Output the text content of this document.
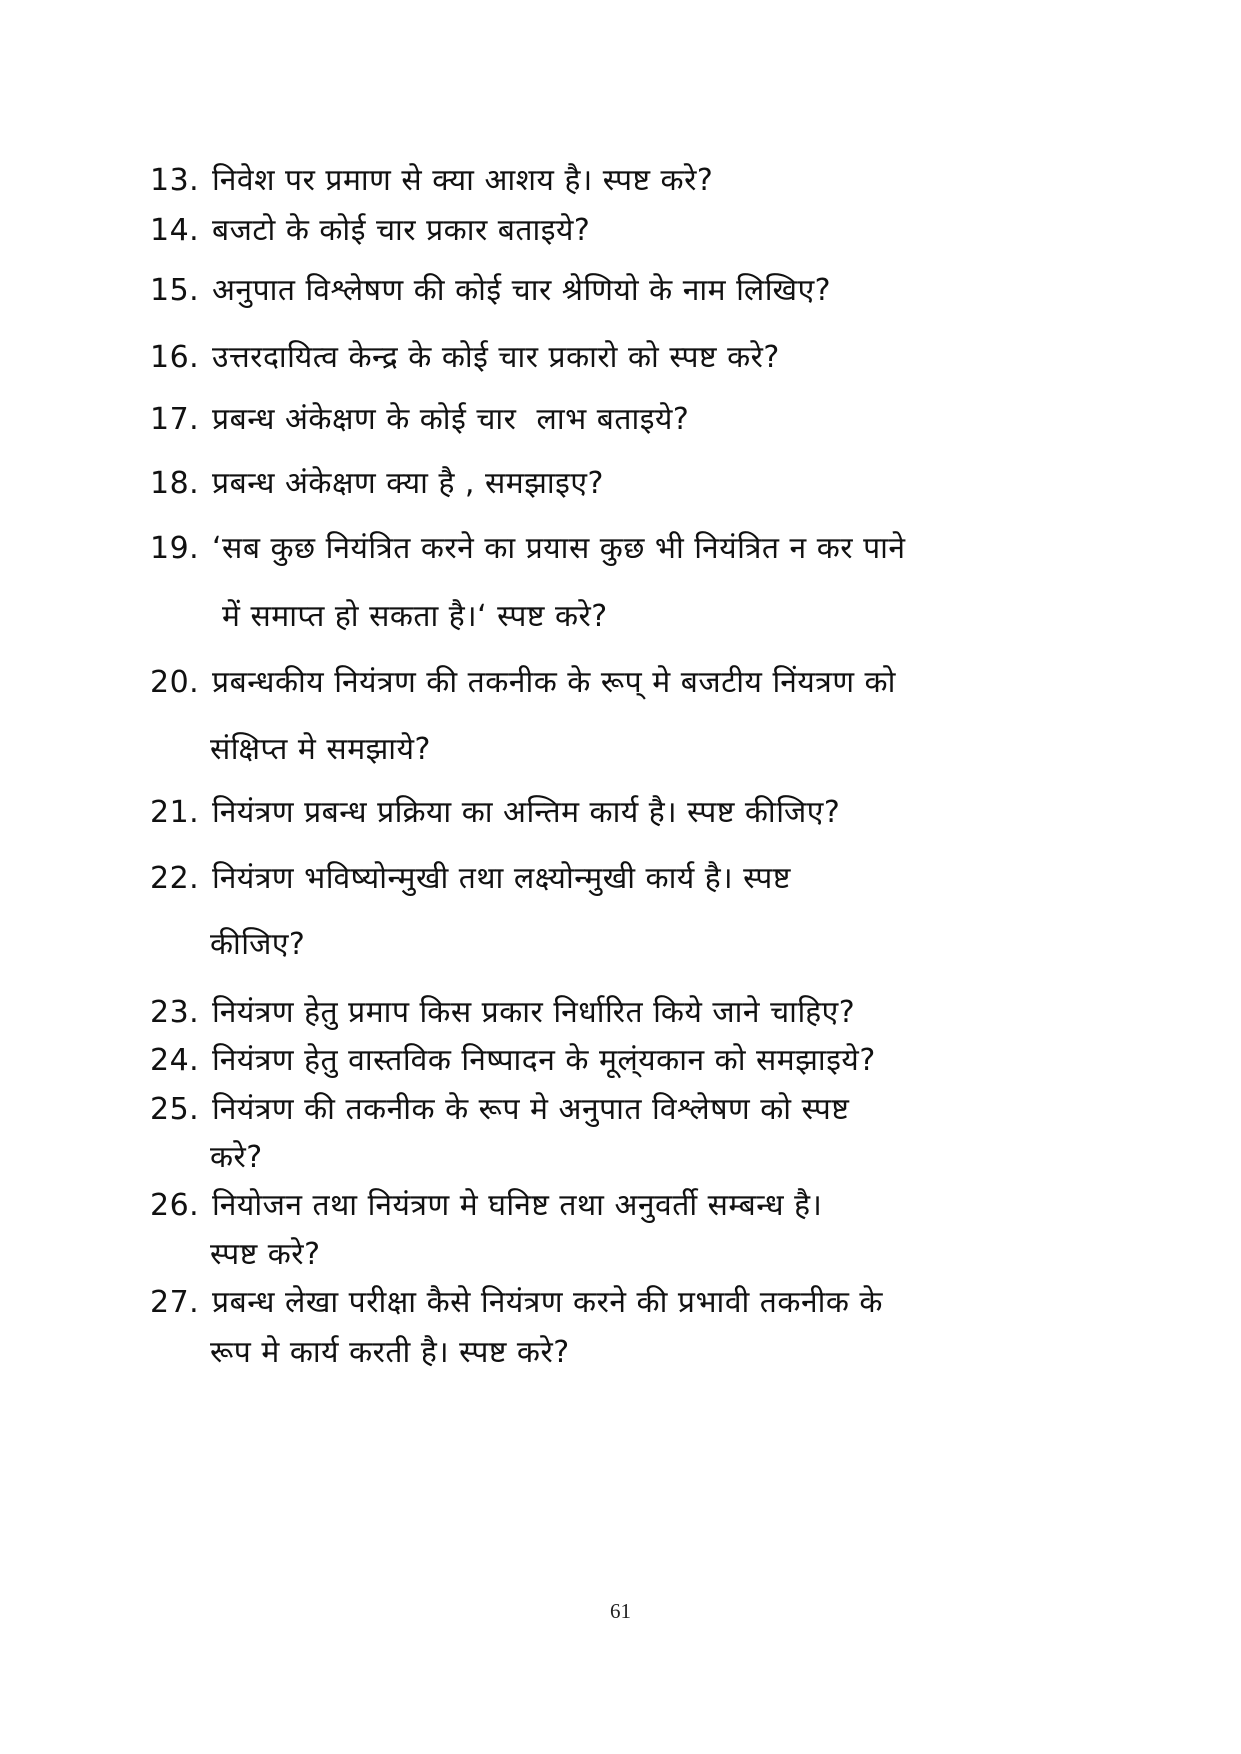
13. निवेश पर प्रमाण से क्या आशय है। स्पष्ट करे?
14. बजटो के कोई चार प्रकार बताइये?
15. अनुपात विश्लेषण की कोई चार श्रेणियो के नाम लिखिए?
16. उत्तरदायित्व केन्द्र के कोई चार प्रकारो को स्पष्ट करे?
17. प्रबन्ध अंकेक्षण के कोई चार  लाभ बताइये?
18. प्रबन्ध अंकेक्षण क्या है , समझाइए?
19. ‘सब कुछ नियंत्रित करने का प्रयास कुछ भी नियंत्रित न कर पाने
में समाप्त हो सकता है।‘ स्पष्ट करे?
20. प्रबन्धकीय नियंत्रण की तकनीक के रूप् मे बजटीय निंयत्रण को
संक्षिप्त मे समझाये?
21. नियंत्रण प्रबन्ध प्रक्रिया का अन्तिम कार्य है। स्पष्ट कीजिए?
22. नियंत्रण भविष्योन्मुखी तथा लक्ष्योन्मुखी कार्य है। स्पष्ट
कीजिए?
23. नियंत्रण हेतु प्रमाप किस प्रकार निर्धारित किये जाने चाहिए?
24. नियंत्रण हेतु वास्तविक निष्पादन के मूल्ंयकान को समझाइये?
25. नियंत्रण की तकनीक के रूप मे अनुपात विश्लेषण को स्पष्ट
करे?
26. नियोजन तथा नियंत्रण मे घनिष्ट तथा अनुवर्ती सम्बन्ध है।
स्पष्ट करे?
27. प्रबन्ध लेखा परीक्षा कैसे नियंत्रण करने की प्रभावी तकनीक के
रूप मे कार्य करती है। स्पष्ट करे?
61
